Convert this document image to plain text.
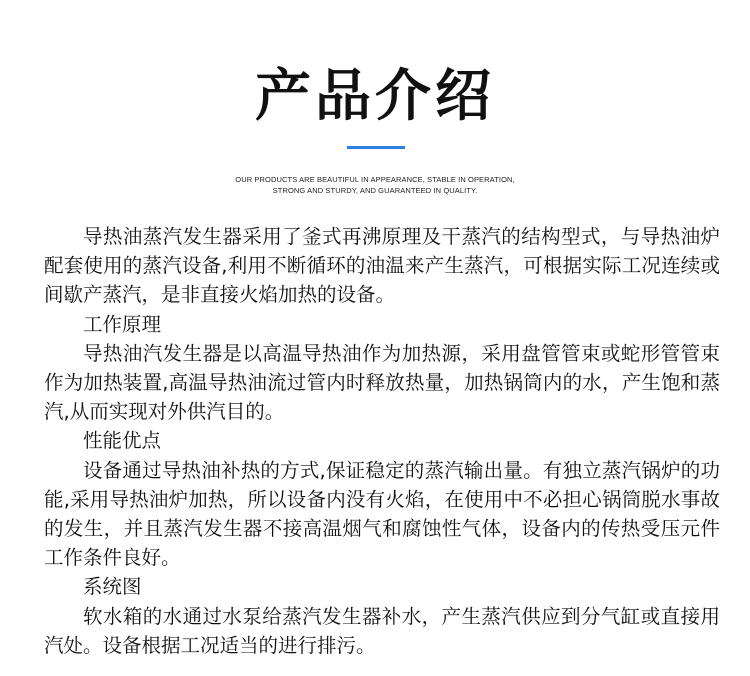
产品介绍
OUR PRODUCTS ARE BEAUTIFUL IN APPEARANCE, STABLE IN OPERATION,
STRONG AND STURDY, AND GUARANTEED IN QUALITY.

导热油蒸汽发生器采用了釜式再沸原理及干蒸汽的结构型式，与导热油炉配套使用的蒸汽设备,利用不断循环的油温来产生蒸汽，可根据实际工况连续或间歇产蒸汽，是非直接火焰加热的设备。

工作原理

导热油汽发生器是以高温导热油作为加热源，采用盘管管束或蛇形管管束作为加热装置,高温导热油流过管内时释放热量，加热锅筒内的水，产生饱和蒸汽,从而实现对外供汽目的。

性能优点

设备通过导热油补热的方式,保证稳定的蒸汽输出量。有独立蒸汽锅炉的功能,采用导热油炉加热，所以设备内没有火焰，在使用中不必担心锅筒脱水事故的发生，并且蒸汽发生器不接高温烟气和腐蚀性气体，设备内的传热受压元件工作条件良好。

系统图

软水箱的水通过水泵给蒸汽发生器补水，产生蒸汽供应到分气缸或直接用汽处。设备根据工况适当的进行排污。
